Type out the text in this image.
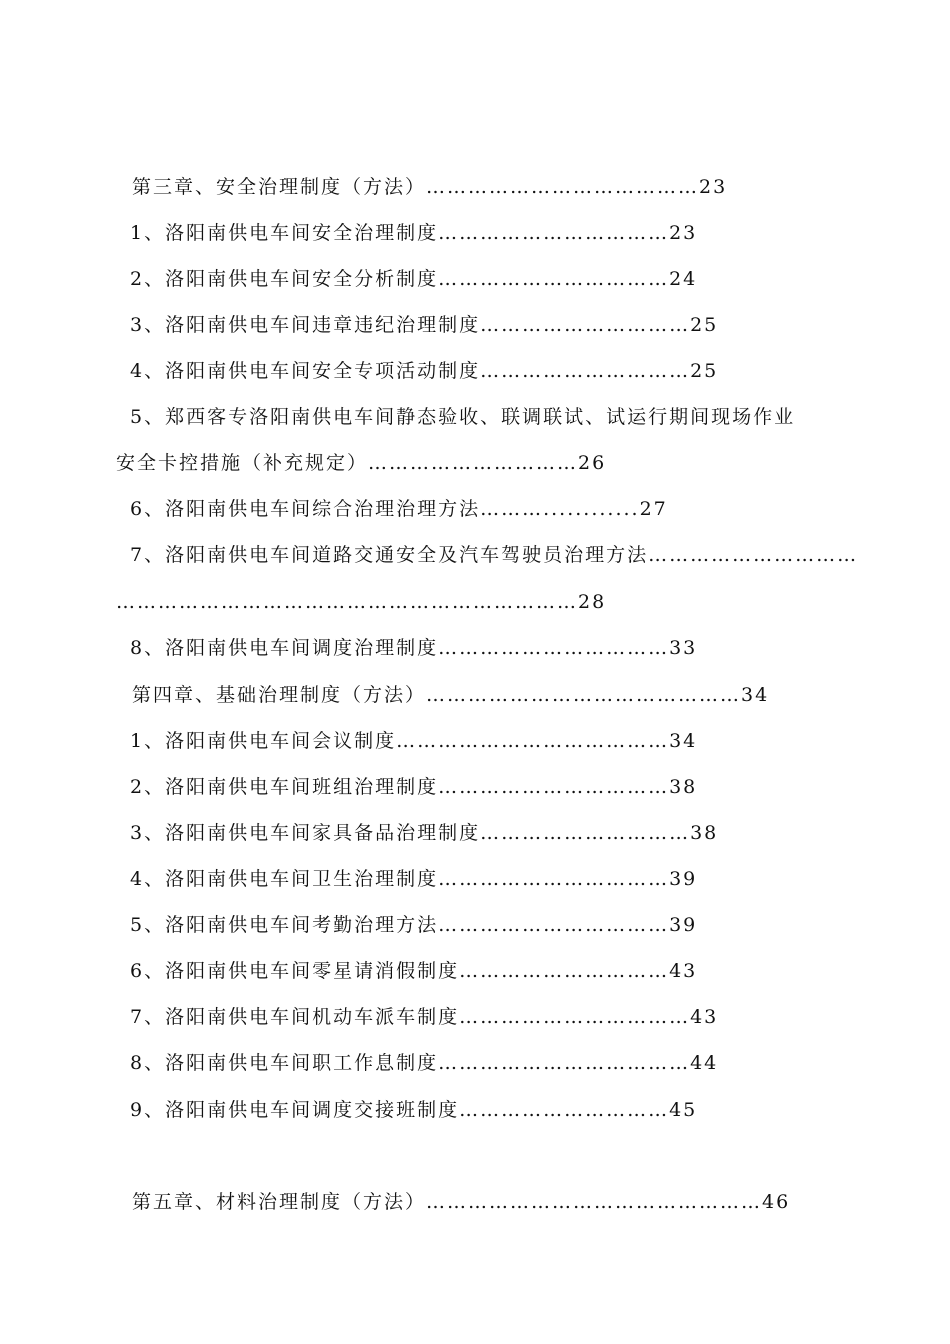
第三章、安全治理制度（方法）…………………………………23
1、洛阳南供电车间安全治理制度……………………………23
2、洛阳南供电车间安全分析制度……………………………24
3、洛阳南供电车间违章违纪治理制度…………………………25
4、洛阳南供电车间安全专项活动制度…………………………25
5、郑西客专洛阳南供电车间静态验收、联调联试、试运行期间现场作业
安全卡控措施（补充规定）…………………………26
6、洛阳南供电车间综合治理治理方法………............27
7、洛阳南供电车间道路交通安全及汽车驾驶员治理方法…………………………
…………………………………………………………28
8、洛阳南供电车间调度治理制度……………………………33
第四章、基础治理制度（方法）………………………………………34
1、洛阳南供电车间会议制度…………………………………34
2、洛阳南供电车间班组治理制度……………………………38
3、洛阳南供电车间家具备品治理制度…………………………38
4、洛阳南供电车间卫生治理制度……………………………39
5、洛阳南供电车间考勤治理方法……………………………39
6、洛阳南供电车间零星请消假制度…………………………43
7、洛阳南供电车间机动车派车制度……………………………43
8、洛阳南供电车间职工作息制度………………………………44
9、洛阳南供电车间调度交接班制度…………………………45
第五章、材料治理制度（方法）…………………………………………46
